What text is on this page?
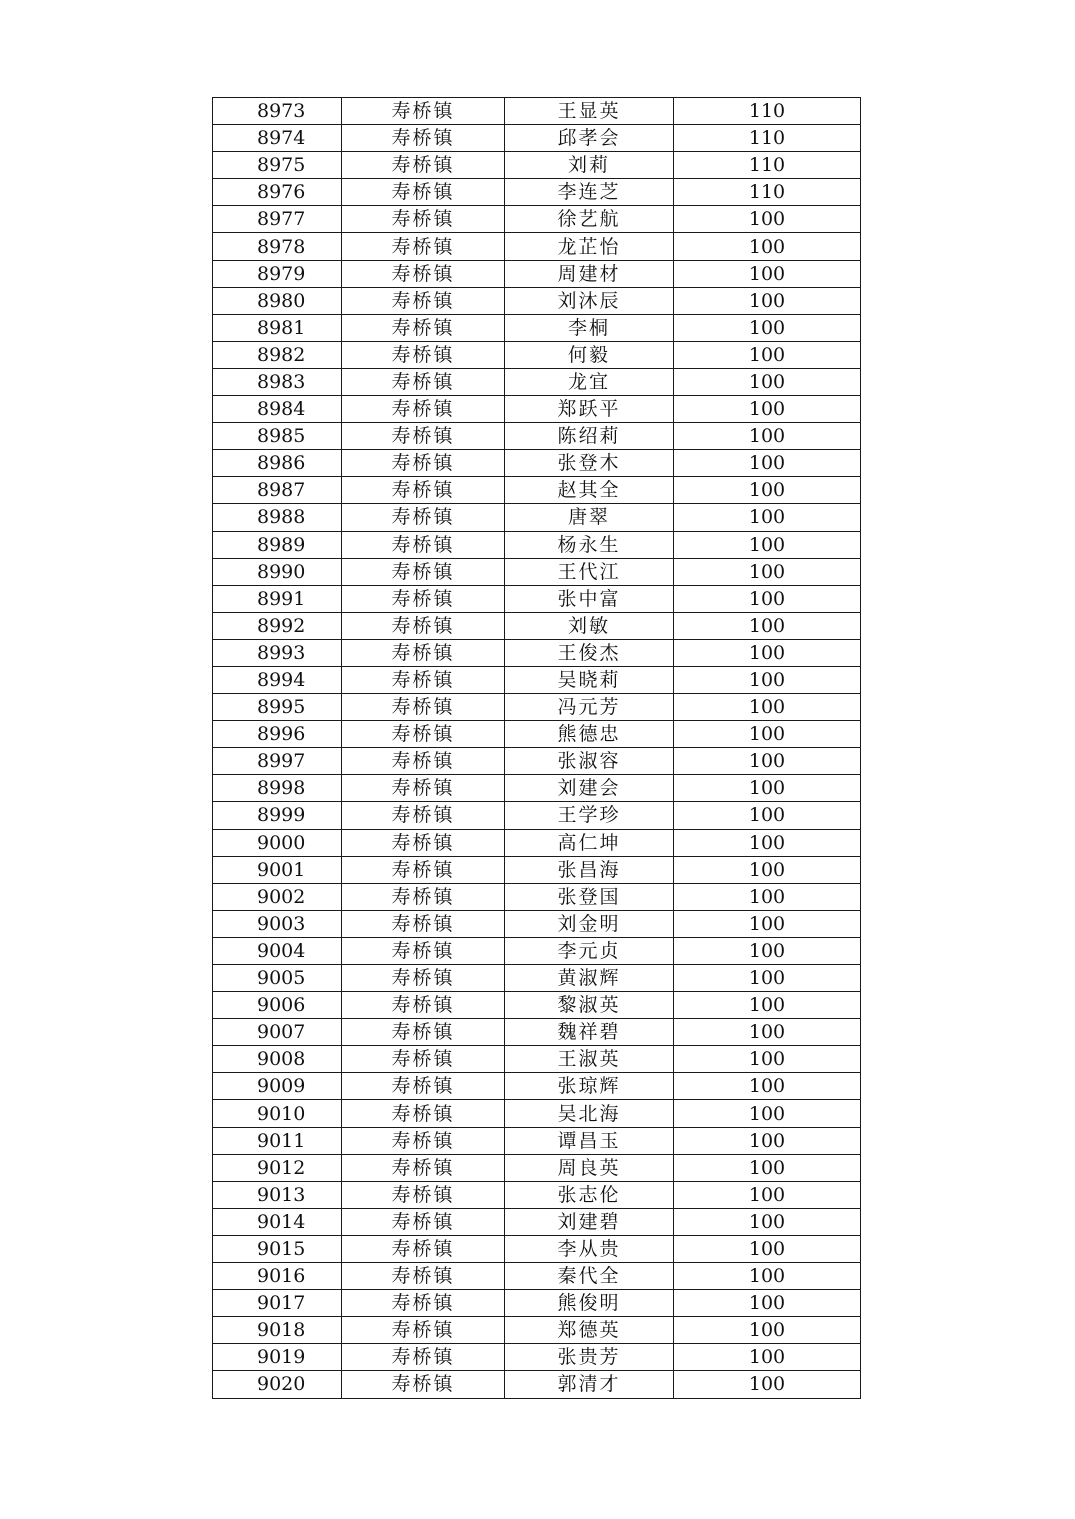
8973	寿桥镇	王显英	110
8974	寿桥镇	邱孝会	110
8975	寿桥镇	刘莉	110
8976	寿桥镇	李连芝	110
8977	寿桥镇	徐艺航	100
8978	寿桥镇	龙芷怡	100
8979	寿桥镇	周建材	100
8980	寿桥镇	刘沐辰	100
8981	寿桥镇	李桐	100
8982	寿桥镇	何毅	100
8983	寿桥镇	龙宜	100
8984	寿桥镇	郑跃平	100
8985	寿桥镇	陈绍莉	100
8986	寿桥镇	张登木	100
8987	寿桥镇	赵其全	100
8988	寿桥镇	唐翠	100
8989	寿桥镇	杨永生	100
8990	寿桥镇	王代江	100
8991	寿桥镇	张中富	100
8992	寿桥镇	刘敏	100
8993	寿桥镇	王俊杰	100
8994	寿桥镇	吴晓莉	100
8995	寿桥镇	冯元芳	100
8996	寿桥镇	熊德忠	100
8997	寿桥镇	张淑容	100
8998	寿桥镇	刘建会	100
8999	寿桥镇	王学珍	100
9000	寿桥镇	高仁坤	100
9001	寿桥镇	张昌海	100
9002	寿桥镇	张登国	100
9003	寿桥镇	刘金明	100
9004	寿桥镇	李元贞	100
9005	寿桥镇	黄淑辉	100
9006	寿桥镇	黎淑英	100
9007	寿桥镇	魏祥碧	100
9008	寿桥镇	王淑英	100
9009	寿桥镇	张琼辉	100
9010	寿桥镇	吴北海	100
9011	寿桥镇	谭昌玉	100
9012	寿桥镇	周良英	100
9013	寿桥镇	张志伦	100
9014	寿桥镇	刘建碧	100
9015	寿桥镇	李从贵	100
9016	寿桥镇	秦代全	100
9017	寿桥镇	熊俊明	100
9018	寿桥镇	郑德英	100
9019	寿桥镇	张贵芳	100
9020	寿桥镇	郭清才	100
